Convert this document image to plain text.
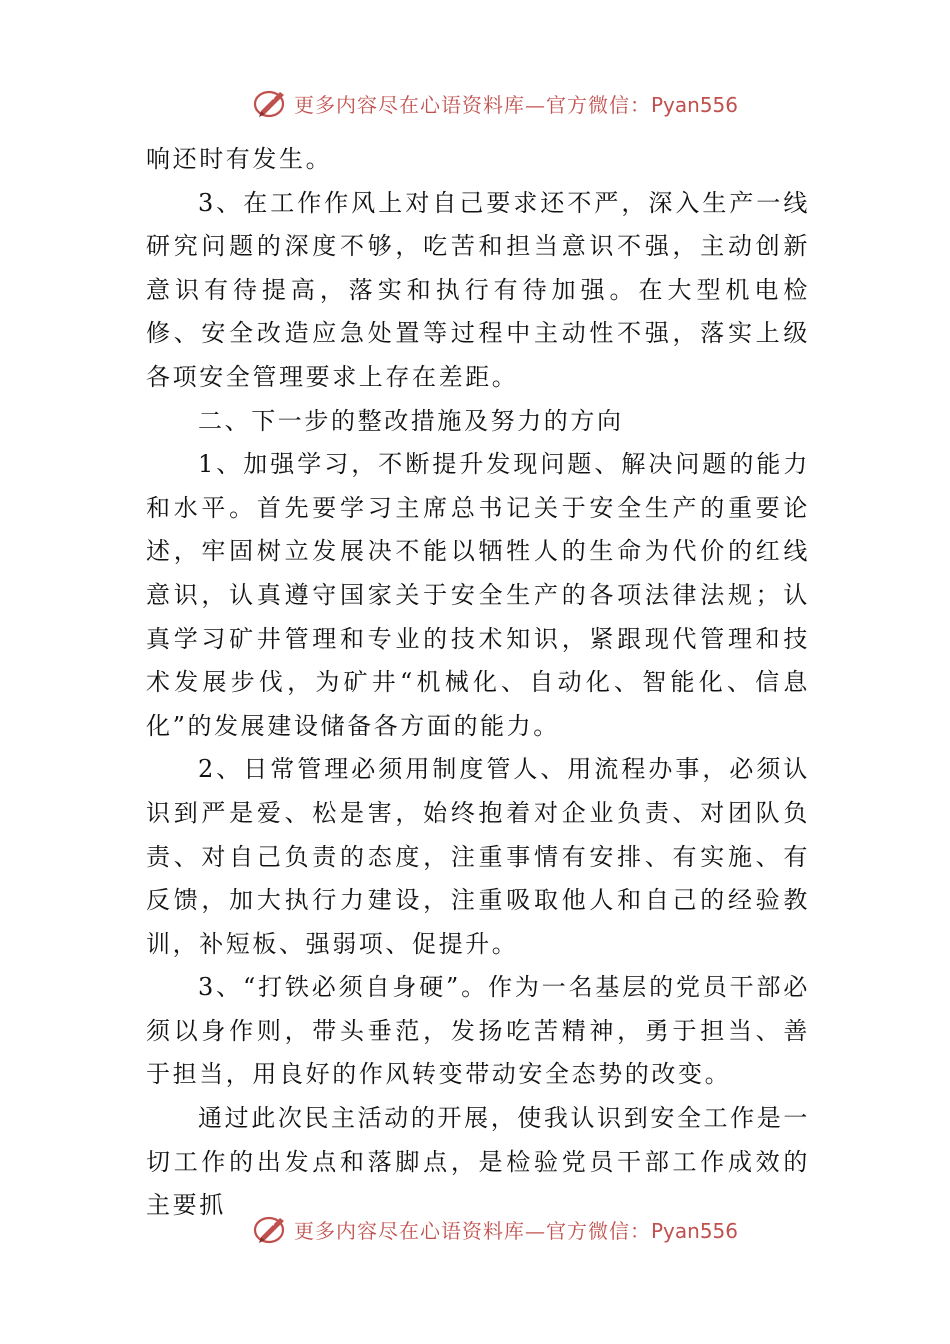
更多内容尽在心语资料库—官方微信：Pyan556

响还时有发生。

3、在工作作风上对自己要求还不严，深入生产一线研究问题的深度不够，吃苦和担当意识不强，主动创新意识有待提高，落实和执行有待加强。在大型机电检修、安全改造应急处置等过程中主动性不强，落实上级各项安全管理要求上存在差距。

二、下一步的整改措施及努力的方向

1、加强学习，不断提升发现问题、解决问题的能力和水平。首先要学习主席总书记关于安全生产的重要论述，牢固树立发展决不能以牺牲人的生命为代价的红线意识，认真遵守国家关于安全生产的各项法律法规；认真学习矿井管理和专业的技术知识，紧跟现代管理和技术发展步伐，为矿井“机械化、自动化、智能化、信息化”的发展建设储备各方面的能力。

2、日常管理必须用制度管人、用流程办事，必须认识到严是爱、松是害，始终抱着对企业负责、对团队负责、对自己负责的态度，注重事情有安排、有实施、有反馈，加大执行力建设，注重吸取他人和自己的经验教训，补短板、强弱项、促提升。

3、“打铁必须自身硬”。作为一名基层的党员干部必须以身作则，带头垂范，发扬吃苦精神，勇于担当、善于担当，用良好的作风转变带动安全态势的改变。

通过此次民主活动的开展，使我认识到安全工作是一切工作的出发点和落脚点，是检验党员干部工作成效的主要抓

更多内容尽在心语资料库—官方微信：Pyan556
